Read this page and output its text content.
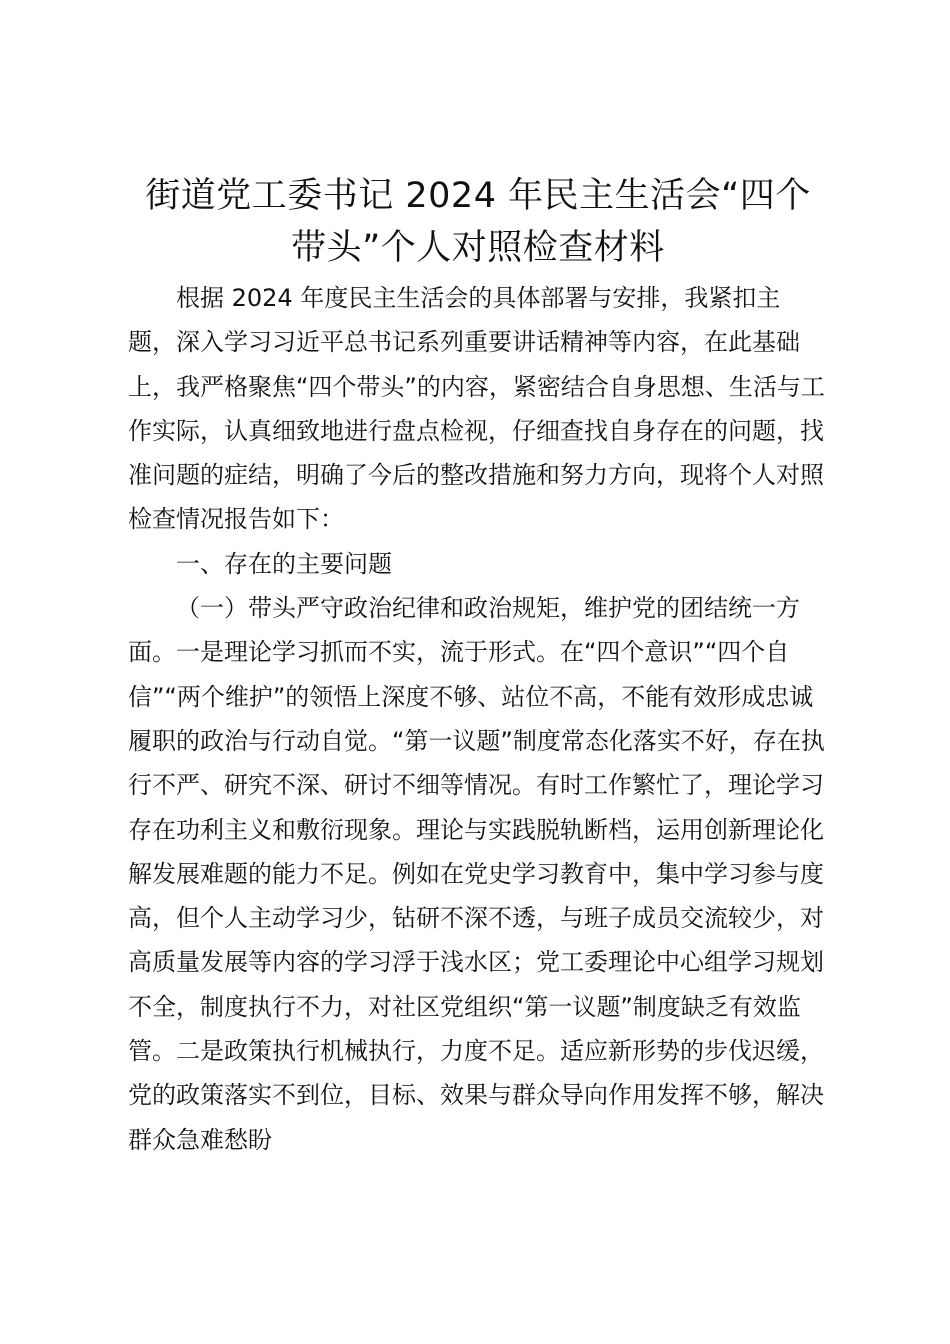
街道党工委书记 2024 年民主生活会“四个带头”个人对照检查材料

根据 2024 年度民主生活会的具体部署与安排，我紧扣主题，深入学习习近平总书记系列重要讲话精神等内容，在此基础上，我严格聚焦“四个带头”的内容，紧密结合自身思想、生活与工作实际，认真细致地进行盘点检视，仔细查找自身存在的问题，找准问题的症结，明确了今后的整改措施和努力方向，现将个人对照检查情况报告如下：

一、存在的主要问题

（一）带头严守政治纪律和政治规矩，维护党的团结统一方面。一是理论学习抓而不实，流于形式。在“四个意识”“四个自信”“两个维护”的领悟上深度不够、站位不高，不能有效形成忠诚履职的政治与行动自觉。“第一议题”制度常态化落实不好，存在执行不严、研究不深、研讨不细等情况。有时工作繁忙了，理论学习存在功利主义和敷衍现象。理论与实践脱轨断档，运用创新理论化解发展难题的能力不足。例如在党史学习教育中，集中学习参与度高，但个人主动学习少，钻研不深不透，与班子成员交流较少，对高质量发展等内容的学习浮于浅水区；党工委理论中心组学习规划不全，制度执行不力，对社区党组织“第一议题”制度缺乏有效监管。二是政策执行机械执行，力度不足。适应新形势的步伐迟缓，党的政策落实不到位，目标、效果与群众导向作用发挥不够，解决群众急难愁盼
